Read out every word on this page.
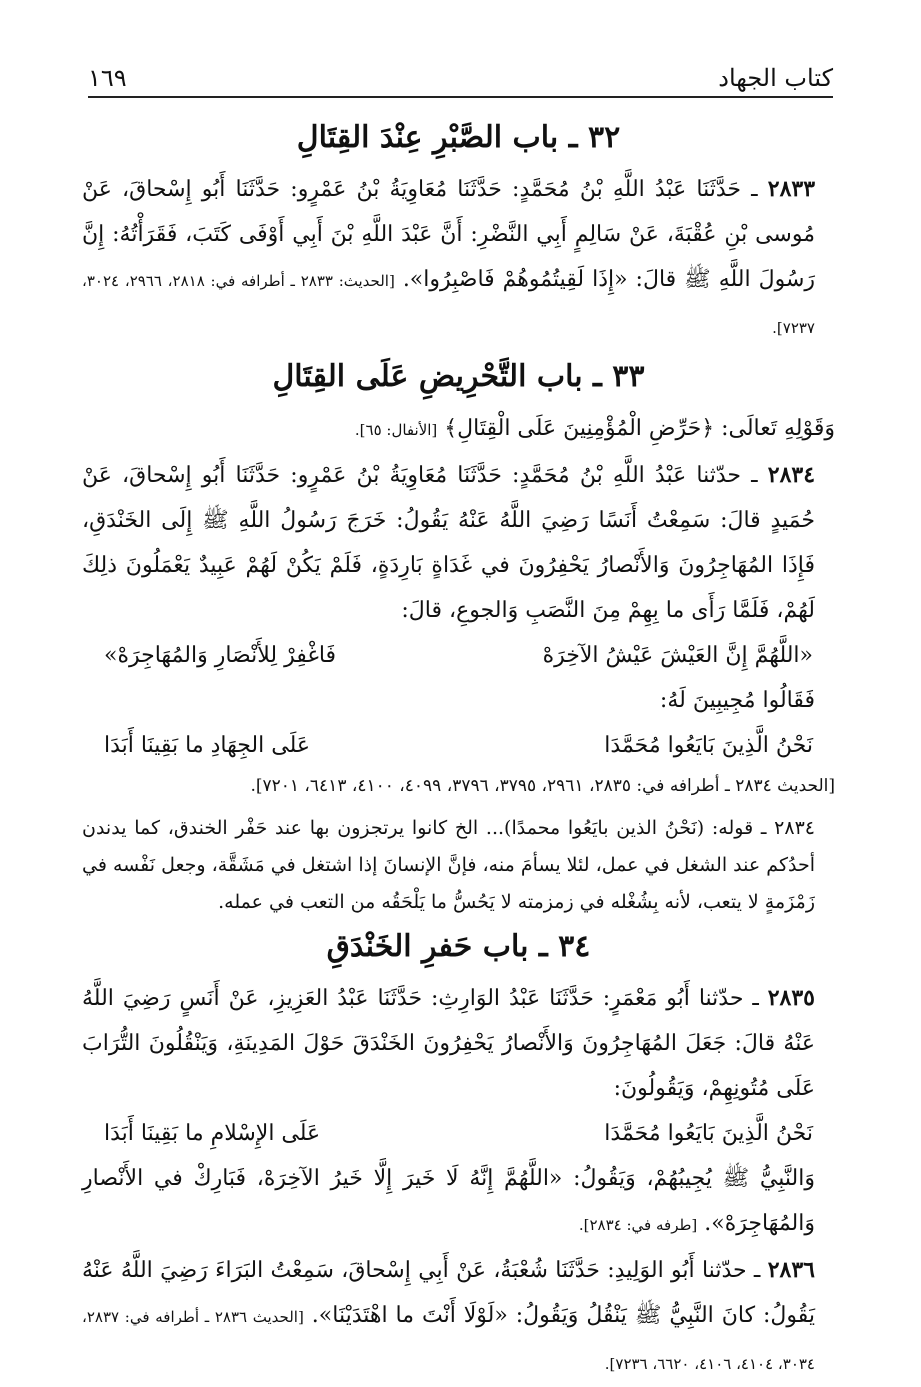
كتاب الجهاد
١٦٩
٣٢ ـ باب الصَّبْرِ عِنْدَ القِتَالِ

٢٨٣٣ ـ حَدَّثَنَا عَبْدُ اللَّهِ بْنُ مُحَمَّدٍ: حَدَّثَنَا مُعَاوِيَةُ بْنُ عَمْرٍو: حَدَّثَنَا أَبُو إِسْحاقَ، عَنْ مُوسى بْنِ عُقْبَةَ، عَنْ سَالِمٍ أَبِي النَّضْرِ: أَنَّ عَبْدَ اللَّهِ بْنَ أَبِي أَوْفَى كَتَبَ، فَقَرَأْتُهُ: إِنَّ رَسُولَ اللَّهِ ﷺ قالَ: «إِذَا لَقِيتُمُوهُمْ فَاصْبِرُوا». [الحديث: ٢٨٣٣ ـ أطرافه في: ٢٨١٨، ٢٩٦٦، ٣٠٢٤، ٧٢٣٧].

٣٣ ـ باب التَّحْرِيضِ عَلَى القِتَالِ

وَقَوْلِهِ تَعالَى: ﴿حَرِّضِ الْمُؤْمِنِينَ عَلَى الْقِتَالِ﴾ [الأنفال: ٦٥].

٢٨٣٤ ـ حدّثنا عَبْدُ اللَّهِ بْنُ مُحَمَّدٍ: حَدَّثَنَا مُعَاوِيَةُ بْنُ عَمْرٍو: حَدَّثَنَا أَبُو إِسْحاقَ، عَنْ حُمَيدٍ قالَ: سَمِعْتُ أَنَسًا رَضِيَ اللَّهُ عَنْهُ يَقُولُ: خَرَجَ رَسُولُ اللَّهِ ﷺ إِلَى الخَنْدَقِ، فَإِذَا المُهَاجِرُونَ وَالأَنْصارُ يَحْفِرُونَ في غَدَاةٍ بَارِدَةٍ، فَلَمْ يَكُنْ لَهُمْ عَبِيدٌ يَعْمَلُونَ ذلِكَ لَهُمْ، فَلَمَّا رَأَى ما بِهِمْ مِنَ النَّصَبِ وَالجوعِ، قالَ:

«اللَّهُمَّ إِنَّ العَيْشَ عَيْشُ الآخِرَهْ
فَاغْفِرْ لِلأَنْصَارِ وَالمُهَاجِرَهْ»

فَقَالُوا مُجِيبِينَ لَهُ:

نَحْنُ الَّذِينَ بَايَعُوا مُحَمَّدَا
عَلَى الجِهَادِ ما بَقِينَا أَبَدَا

[الحديث ٢٨٣٤ ـ أطرافه في: ٢٨٣٥، ٢٩٦١، ٣٧٩٥، ٣٧٩٦، ٤٠٩٩، ٤١٠٠، ٦٤١٣، ٧٢٠١].

٢٨٣٤ ـ قوله: (نَحْنُ الذين بايَعُوا محمدًا)... الخ كانوا يرتجزون بها عند حَفْر الخندق، كما يدندن أحدُكم عند الشغل في عمل، لئلا يسأمَ منه، فإنَّ الإنسانَ إذا اشتغل في مَشَقَّة، وجعل نَفْسه في زَمْزَمةٍ لا يتعب، لأنه بِشُغْله في زمزمته لا يَحُسُّ ما يَلْحَقُه من التعب في عمله.

٣٤ ـ باب حَفرِ الخَنْدَقِ

٢٨٣٥ ـ حدّثنا أَبُو مَعْمَرٍ: حَدَّثَنَا عَبْدُ الوَارِثِ: حَدَّثَنَا عَبْدُ العَزِيزِ، عَنْ أَنَسٍ رَضِيَ اللَّهُ عَنْهُ قالَ: جَعَلَ المُهَاجِرُونَ وَالأَنْصارُ يَحْفِرُونَ الخَنْدَقَ حَوْلَ المَدِينَةِ، وَيَنْقُلُونَ التُّرَابَ عَلَى مُتُونِهِمْ، وَيَقُولُونَ:

نَحْنُ الَّذِينَ بَايَعُوا مُحَمَّدَا
عَلَى الإِسْلامِ ما بَقِينَا أَبَدَا

وَالنَّبِيُّ ﷺ يُجِيبُهُمْ، وَيَقُولُ: «اللَّهُمَّ إِنَّهُ لَا خَيرَ إِلَّا خَيرُ الآخِرَهْ، فَبَارِكْ في الأَنْصارِ وَالمُهَاجِرَهْ». [طرفه في: ٢٨٣٤].

٢٨٣٦ ـ حدّثنا أَبُو الوَلِيدِ: حَدَّثَنَا شُعْبَةُ، عَنْ أَبِي إِسْحاقَ، سَمِعْتُ البَرَاءَ رَضِيَ اللَّهُ عَنْهُ يَقُولُ: كانَ النَّبِيُّ ﷺ يَنْقُلُ وَيَقُولُ: «لَوْلَا أَنْتَ ما اهْتَدَيْنَا». [الحديث ٢٨٣٦ ـ أطرافه في: ٢٨٣٧، ٣٠٣٤، ٤١٠٤، ٤١٠٦، ٦٦٢٠، ٧٢٣٦].
